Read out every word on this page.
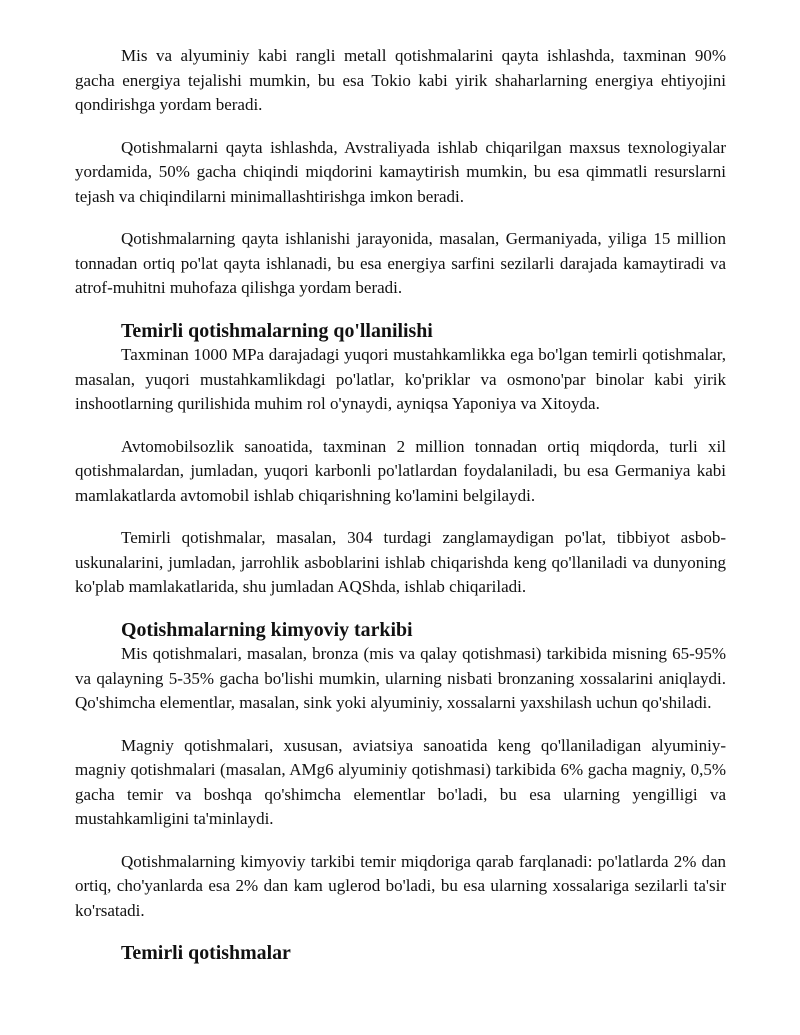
Mis va alyuminiy kabi rangli metall qotishmalarini qayta ishlashda, taxminan 90% gacha energiya tejalishi mumkin, bu esa Tokio kabi yirik shaharlarning energiya ehtiyojini qondirishga yordam beradi.

Qotishmalarni qayta ishlashda, Avstraliyada ishlab chiqarilgan maxsus texnologiyalar yordamida, 50% gacha chiqindi miqdorini kamaytirish mumkin, bu esa qimmatli resurslarni tejash va chiqindilarni minimallashtirishga imkon beradi.

Qotishmalarning qayta ishlanishi jarayonida, masalan, Germaniyada, yiliga 15 million tonnadan ortiq po'lat qayta ishlanadi, bu esa energiya sarfini sezilarli darajada kamaytiradi va atrof-muhitni muhofaza qilishga yordam beradi.

Temirli qotishmalarning qo'llanilishi

Taxminan 1000 MPa darajadagi yuqori mustahkamlikka ega bo'lgan temirli qotishmalar, masalan, yuqori mustahkamlikdagi po'latlar, ko'priklar va osmono'par binolar kabi yirik inshootlarning qurilishida muhim rol o'ynaydi, ayniqsa Yaponiya va Xitoyda.

Avtomobilsozlik sanoatida, taxminan 2 million tonnadan ortiq miqdorda, turli xil qotishmalardan, jumladan, yuqori karbonli po'latlardan foydalaniladi, bu esa Germaniya kabi mamlakatlarda avtomobil ishlab chiqarishning ko'lamini belgilaydi.

Temirli qotishmalar, masalan, 304 turdagi zanglamaydigan po'lat, tibbiyot asbob-uskunalarini, jumladan, jarrohlik asboblarini ishlab chiqarishda keng qo'llaniladi va dunyoning ko'plab mamlakatlarida, shu jumladan AQShda, ishlab chiqariladi.

Qotishmalarning kimyoviy tarkibi

Mis qotishmalari, masalan, bronza (mis va qalay qotishmasi) tarkibida misning 65-95% va qalayning 5-35% gacha bo'lishi mumkin, ularning nisbati bronzaning xossalarini aniqlaydi. Qo'shimcha elementlar, masalan, sink yoki alyuminiy, xossalarni yaxshilash uchun qo'shiladi.

Magniy qotishmalari, xususan, aviatsiya sanoatida keng qo'llaniladigan alyuminiy-magniy qotishmalari (masalan, AMg6 alyuminiy qotishmasi) tarkibida 6% gacha magniy, 0,5% gacha temir va boshqa qo'shimcha elementlar bo'ladi, bu esa ularning yengilligi va mustahkamligini ta'minlaydi.

Qotishmalarning kimyoviy tarkibi temir miqdoriga qarab farqlanadi: po'latlarda 2% dan ortiq, cho'yanlarda esa 2% dan kam uglerod bo'ladi, bu esa ularning xossalariga sezilarli ta'sir ko'rsatadi.

Temirli qotishmalar
